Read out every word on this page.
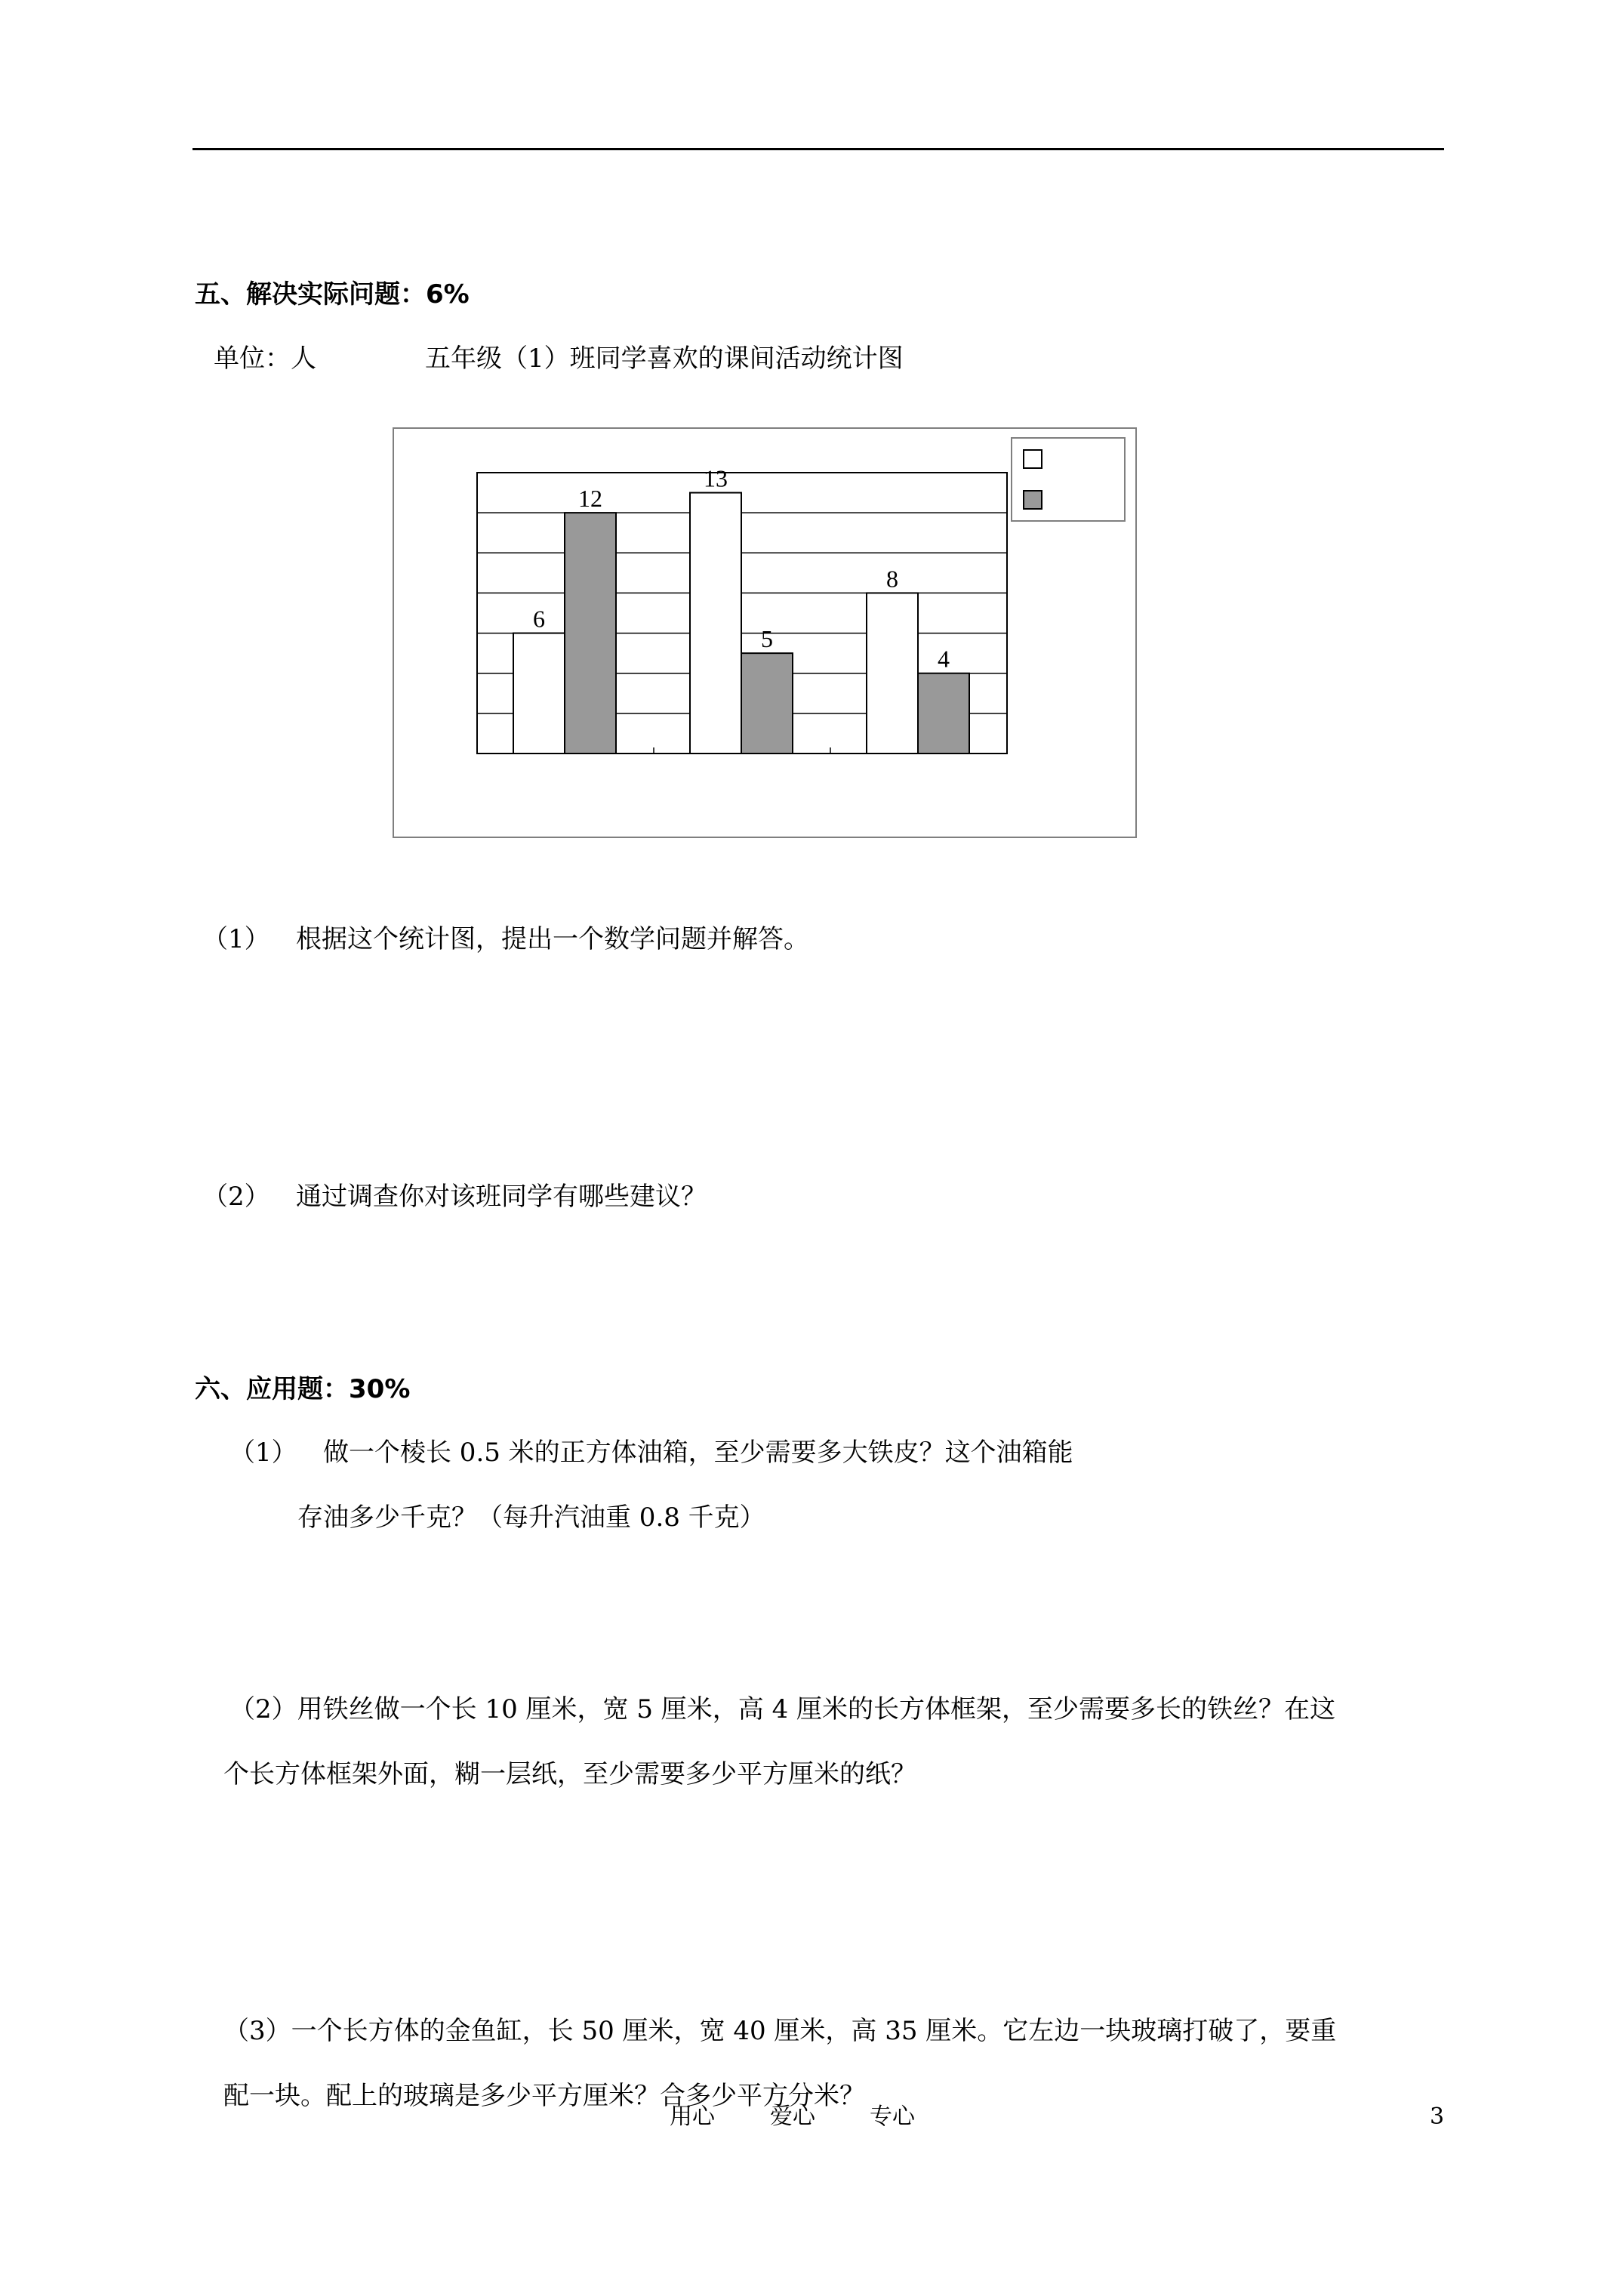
五、解决实际问题：6%
单位：人	五年级（1）班同学喜欢的课间活动统计图
6
13
8
12
5
4
（1） 根据这个统计图，提出一个数学问题并解答。
（2） 通过调查你对该班同学有哪些建议？
六、应用题：30%
（1） 做一个棱长 0.5 米的正方体油箱，至少需要多大铁皮？这个油箱能
存油多少千克？（每升汽油重 0.8 千克）
（2）用铁丝做一个长 10 厘米，宽 5 厘米，高 4 厘米的长方体框架，至少需要多长的铁丝？在这
个长方体框架外面，糊一层纸，至少需要多少平方厘米的纸？
（3）一个长方体的金鱼缸，长 50 厘米，宽 40 厘米，高 35 厘米。它左边一块玻璃打破了，要重
配一块。配上的玻璃是多少平方厘米？合多少平方分米？
用心 爱心 专心	3
